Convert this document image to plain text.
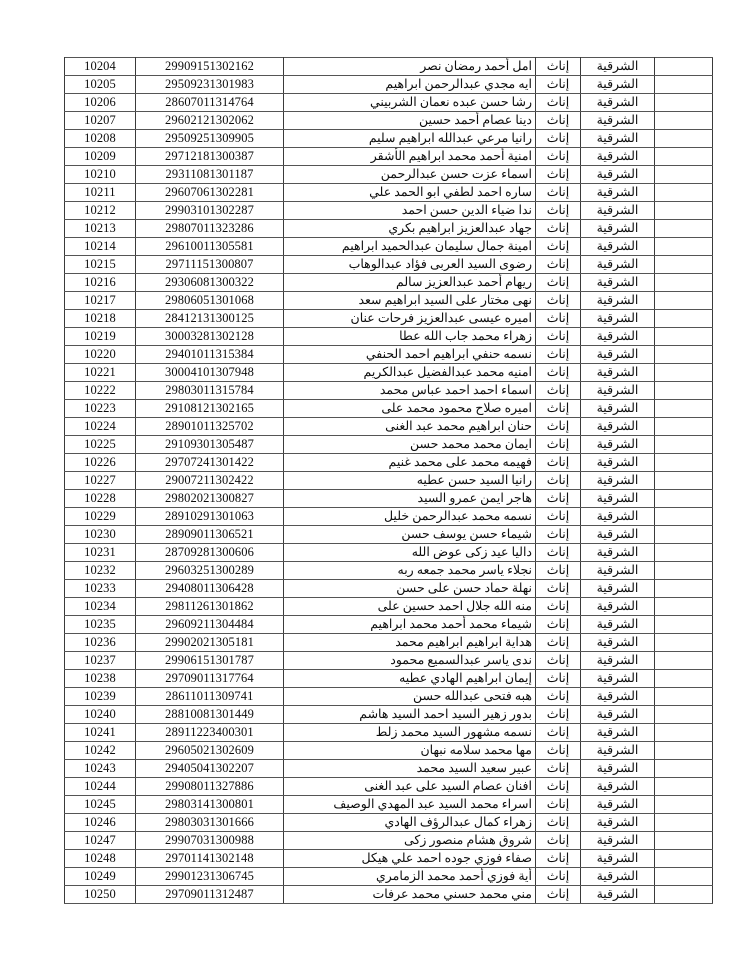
	الشرقية	إناث	امل أحمد رمضان نصر	29909151302162	10204
	الشرقية	إناث	ايه مجدي عبدالرحمن ابراهيم	29509231301983	10205
	الشرقية	إناث	رشا حسن عبده نعمان الشربيني	28607011314764	10206
	الشرقية	إناث	دينا عصام أحمد حسين	29602121302062	10207
	الشرقية	إناث	رانيا مرعي عبدالله ابراهيم سليم	29509251309905	10208
	الشرقية	إناث	امنية أحمد محمد ابراهيم الأشقر	29712181300387	10209
	الشرقية	إناث	اسماء عزت حسن عبدالرحمن	29311081301187	10210
	الشرقية	إناث	ساره احمد لطفي ابو الحمد علي	29607061302281	10211
	الشرقية	إناث	ندا ضياء الدين حسن احمد	29903101302287	10212
	الشرقية	إناث	جهاد عبدالعزيز ابراهيم بكري	29807011323286	10213
	الشرقية	إناث	امينة جمال سليمان عبدالحميد ابراهيم	29610011305581	10214
	الشرقية	إناث	رضوى السيد العربى فؤاد عبدالوهاب	29711151300807	10215
	الشرقية	إناث	ريهام أحمد عبدالعزيز سالم	29306081300322	10216
	الشرقية	إناث	نهى مختار على السيد ابراهيم سعد	29806051301068	10217
	الشرقية	إناث	اميره عيسى عبدالعزيز فرحات عنان	28412131300125	10218
	الشرقية	إناث	زهراء محمد جاب الله عطا	30003281302128	10219
	الشرقية	إناث	نسمه حنفي ابراهيم احمد الحنفي	29401011315384	10220
	الشرقية	إناث	امنيه محمد عبدالفضيل عبدالكريم	30004101307948	10221
	الشرقية	إناث	اسماء احمد احمد عباس محمد	29803011315784	10222
	الشرقية	إناث	اميره صلاح محمود محمد على	29108121302165	10223
	الشرقية	إناث	حنان ابراهيم محمد عبد الغنى	28901011325702	10224
	الشرقية	إناث	ايمان محمد محمد حسن	29109301305487	10225
	الشرقية	إناث	فهيمه محمد على محمد غنيم	29707241301422	10226
	الشرقية	إناث	رانيا السيد حسن عطيه	29007211302422	10227
	الشرقية	إناث	هاجر ايمن عمرو السيد	29802021300827	10228
	الشرقية	إناث	نسمه محمد عبدالرحمن خليل	28910291301063	10229
	الشرقية	إناث	شيماء حسن يوسف حسن	28909011306521	10230
	الشرقية	إناث	داليا عيد زكى عوض الله	28709281300606	10231
	الشرقية	إناث	نجلاء ياسر محمد جمعه ربه	29603251300289	10232
	الشرقية	إناث	نهلة حماد حسن على حسن	29408011306428	10233
	الشرقية	إناث	منه الله جلال احمد حسين على	29811261301862	10234
	الشرقية	إناث	شيماء محمد أحمد محمد ابراهيم	29609211304484	10235
	الشرقية	إناث	هداية ابراهيم ابراهيم محمد	29902021305181	10236
	الشرقية	إناث	ندى ياسر عبدالسميع محمود	29906151301787	10237
	الشرقية	إناث	إيمان ابراهيم الهادي عطيه	29709011317764	10238
	الشرقية	إناث	هبه فتحى عبدالله حسن	28611011309741	10239
	الشرقية	إناث	بدور زهير السيد احمد السيد هاشم	28810081301449	10240
	الشرقية	إناث	نسمه مشهور السيد محمد زلط	28911223400301	10241
	الشرقية	إناث	مها محمد سلامه نبهان	29605021302609	10242
	الشرقية	إناث	عبير سعيد السيد محمد	29405041302207	10243
	الشرقية	إناث	افنان عصام السيد على عبد الغنى	29908011327886	10244
	الشرقية	إناث	اسراء محمد السيد عبد المهدي الوصيف	29803141300801	10245
	الشرقية	إناث	زهراء كمال عبدالرؤف الهادي	29803031301666	10246
	الشرقية	إناث	شروق هشام منصور زكى	29907031300988	10247
	الشرقية	إناث	صفاء فوزي جوده احمد علي هيكل	29701141302148	10248
	الشرقية	إناث	أية فوزي أحمد محمد الزمامري	29901231306745	10249
	الشرقية	إناث	مني محمد حسني محمد عرفات	29709011312487	10250
